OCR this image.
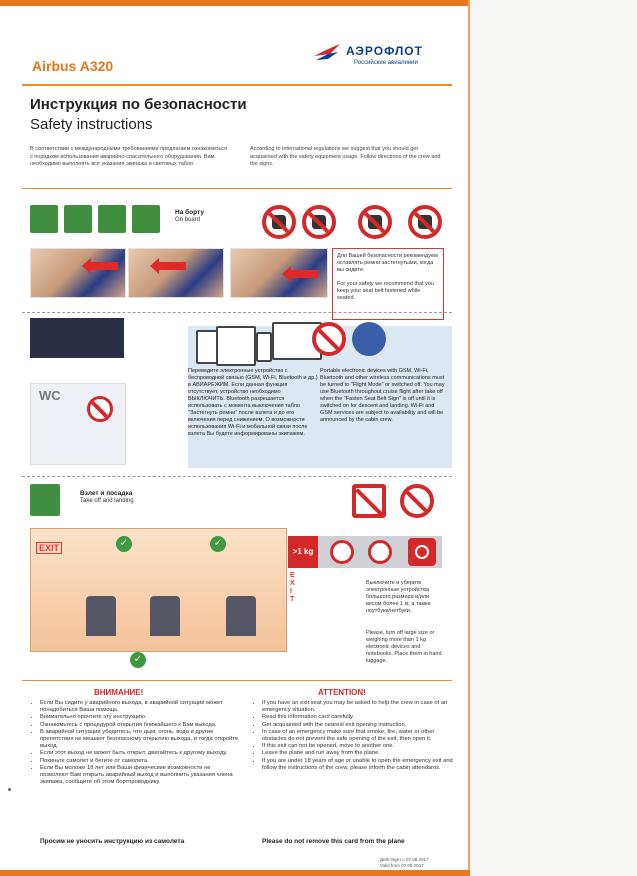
Airbus A320
АЭРОФЛОТ
Российские авиалинии
Инструкция по безопасности
Safety instructions
В соответствии с международными требованиями предлагаем ознакомиться с порядком использования аварийно-спасательного оборудования. Вам необходимо выполнять все указания экипажа и световых табло.
According to international regulations we suggest that you should get acquainted with the safety equipment usage. Follow directions of the crew and the signs.
На борту
On board
Для Вашей безопасности рекомендуем оставлять ремни застегнутыми, когда вы сидите.
For your safety we recommend that you keep your seat belt fastened while seated.
WC
Переведите электронные устройства с беспроводной связью (GSM, Wi-Fi, Bluetooth и др.) в АВИАРЕЖИМ. Если данная функция отсутствует, устройство необходимо ВЫКЛЮЧИТЬ. Bluetooth разрешается использовать с момента выключения табло "Застегнуть ремни" после взлета и до его включения перед снижением. О возможности использования Wi-Fi и мобильной связи после взлета Вы будете информированы экипажем.
Portable electronic devices with GSM, Wi-Fi, Bluetooth and other wireless communications must be turned to "Flight Mode" or switched off. You may use Bluetooth throughout cruise flight after take off when the "Fasten Seat Belt Sign" is off until it is switched on for descent and landing. Wi-Fi and GSM services are subject to availability and will be announced by the cabin crew.
Взлет и посадка
Take off and landing
EXIT	✓	✓
✓
E
X
I
T
>1 kg
Выключите и уберите электронные устройства большого размера и/или весом более 1 кг, а также ноутбуки/нетбуки.
Please, turn off large size or weighing more than 1 kg electronic devices and notebooks. Place them in hand luggage.
ВНИМАНИЕ!	ATTENTION!
• Если Вы сидите у аварийного выхода, в аварийной ситуации может понадобиться Ваша помощь.
• Внимательно прочтите эту инструкцию.
• Ознакомьтесь с процедурой открытия ближайшего к Вам выхода.
• В аварийной ситуации убедитесь, что дым, огонь, вода и другие препятствия не мешают безопасному открытию выхода, и тогда откройте выход.
• Если этот выход не может быть открыт, двигайтесь к другому выходу.
• Покиньте самолет и бегите от самолета.
• Если Вы моложе 18 лет или Ваши физические возможности не позволяют Вам открыть аварийный выход и выполнить указания члена экипажа, сообщите об этом бортпроводнику.
• If you have an exit seat you may be asked to help the crew in case of an emergency situation.
• Read this information card carefully.
• Get acquainted with the nearest exit opening instruction.
• In case of an emergency make sure that smoke, fire, water or other obstacles do not prevent the safe opening of the exit, then open it.
• If this exit can not be opened, move to another one.
• Leave the plane and run away from the plane.
• If you are under 18 years of age or unable to open the emergency exit and follow the instructions of the crew, please inform the cabin attendants.
Просим не уносить инструкцию из самолета	Please do not remove this card from the plane
Действует с 07.08.2017
Valid from 07.08.2017
